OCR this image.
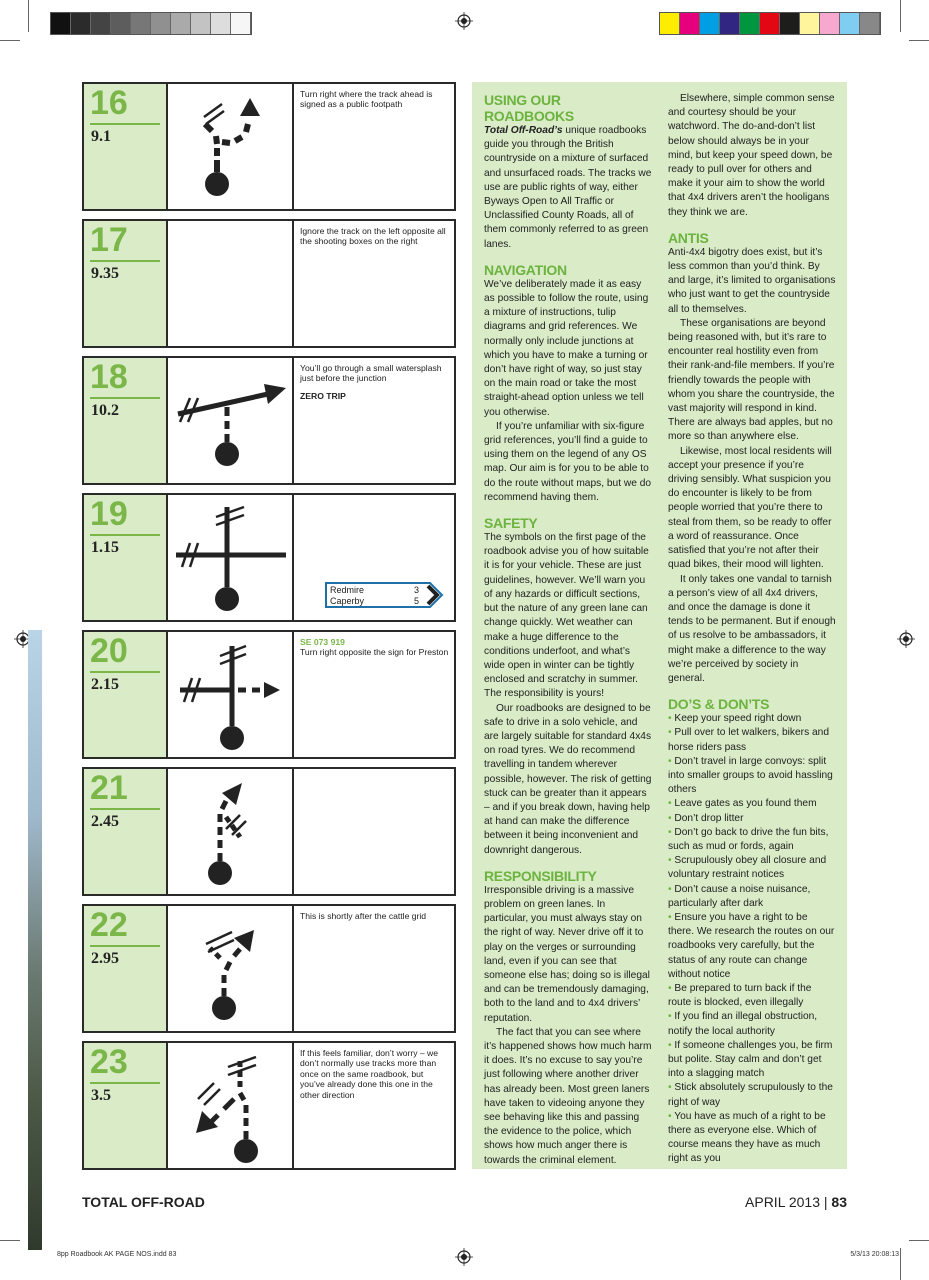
16
9.1
Turn right where the track ahead is signed as a public footpath
17
9.35
Ignore the track on the left opposite all the shooting boxes on the right
18
10.2
You’ll go through a small watersplash just before the junction
ZERO TRIP
19
1.15
Redmire	3
Caperby	5
20
2.15
SE 073 919
Turn right opposite the sign for Preston
21
2.45
22
2.95
This is shortly after the cattle grid
23
3.5
If this feels familiar, don’t worry – we don’t normally use tracks more than once on the same roadbook, but you’ve already done this one in the other direction
USING OUR ROADBOOKS

Total Off-Road’s unique roadbooks guide you through the British countryside on a mixture of surfaced and unsurfaced roads. The tracks we use are public rights of way, either Byways Open to All Traffic or Unclassified County Roads, all of them commonly referred to as green lanes.

NAVIGATION

We’ve deliberately made it as easy as possible to follow the route, using a mixture of instructions, tulip diagrams and grid references. We normally only include junctions at which you have to make a turning or don’t have right of way, so just stay on the main road or take the most straight-ahead option unless we tell you otherwise.

If you’re unfamiliar with six-figure grid references, you’ll find a guide to using them on the legend of any OS map. Our aim is for you to be able to do the route without maps, but we do recommend having them.

SAFETY

The symbols on the first page of the roadbook advise you of how suitable it is for your vehicle. These are just guidelines, however. We’ll warn you of any hazards or difficult sections, but the nature of any green lane can change quickly. Wet weather can make a huge difference to the conditions underfoot, and what’s wide open in winter can be tightly enclosed and scratchy in summer. The responsibility is yours!

Our roadbooks are designed to be safe to drive in a solo vehicle, and are largely suitable for standard 4x4s on road tyres. We do recommend travelling in tandem wherever possible, however. The risk of getting stuck can be greater than it appears – and if you break down, having help at hand can make the difference between it being inconvenient and downright dangerous.

RESPONSIBILITY

Irresponsible driving is a massive problem on green lanes. In particular, you must always stay on the right of way. Never drive off it to play on the verges or surrounding land, even if you can see that someone else has; doing so is illegal and can be tremendously damaging, both to the land and to 4x4 drivers’ reputation.

The fact that you can see where it’s happened shows how much harm it does. It’s no excuse to say you’re just following where another driver has already been. Most green laners have taken to videoing anyone they see behaving like this and passing the evidence to the police, which shows how much anger there is towards the criminal element.

Elsewhere, simple common sense and courtesy should be your watchword. The do-and-don’t list below should always be in your mind, but keep your speed down, be ready to pull over for others and make it your aim to show the world that 4x4 drivers aren’t the hooligans they think we are.

ANTIS

Anti-4x4 bigotry does exist, but it’s less common than you’d think. By and large, it’s limited to organisations who just want to get the countryside all to themselves.

These organisations are beyond being reasoned with, but it’s rare to encounter real hostility even from their rank-and-file members. If you’re friendly towards the people with whom you share the countryside, the vast majority will respond in kind. There are always bad apples, but no more so than anywhere else.

Likewise, most local residents will accept your presence if you’re driving sensibly. What suspicion you do encounter is likely to be from people worried that you’re there to steal from them, so be ready to offer a word of reassurance. Once satisfied that you’re not after their quad bikes, their mood will lighten.

It only takes one vandal to tarnish a person’s view of all 4x4 drivers, and once the damage is done it tends to be permanent. But if enough of us resolve to be ambassadors, it might make a difference to the way we’re perceived by society in general.

DO’S & DON’TS

• Keep your speed right down

• Pull over to let walkers, bikers and horse riders pass

• Don’t travel in large convoys: split into smaller groups to avoid hassling others

• Leave gates as you found them

• Don’t drop litter

• Don’t go back to drive the fun bits, such as mud or fords, again

• Scrupulously obey all closure and voluntary restraint notices

• Don’t cause a noise nuisance, particularly after dark

• Ensure you have a right to be there. We research the routes on our roadbooks very carefully, but the status of any route can change without notice

• Be prepared to turn back if the route is blocked, even illegally

• If you find an illegal obstruction, notify the local authority

• If someone challenges you, be firm but polite. Stay calm and don’t get into a slagging match

• Stick absolutely scrupulously to the right of way

• You have as much of a right to be there as everyone else. Which of course means they have as much right as you

TOTAL OFF-ROAD	APRIL 2013 | 83
8pp Roadbook AK PAGE NOS.indd 83	5/3/13 20:08:13
